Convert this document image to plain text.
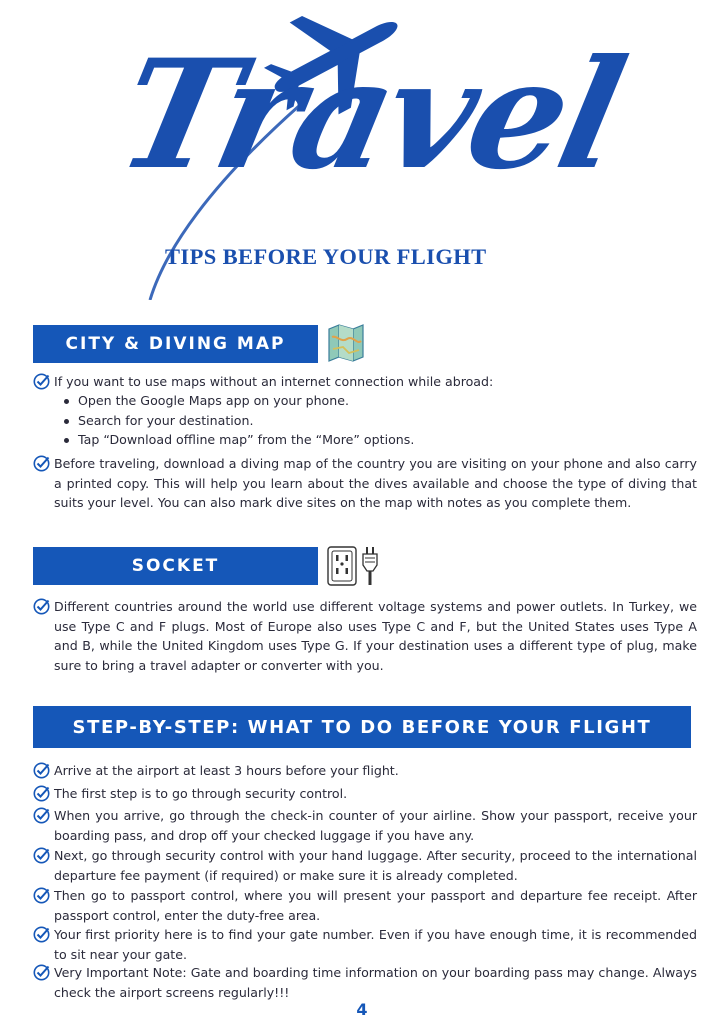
Travel
TIPS BEFORE YOUR FLIGHT
CITY & DIVING MAP
If you want to use maps without an internet connection while abroad:
Open the Google Maps app on your phone.
Search for your destination.
Tap “Download offline map” from the “More” options.
Before traveling, download a diving map of the country you are visiting on your phone and also carry a printed copy. This will help you learn about the dives available and choose the type of diving that suits your level. You can also mark dive sites on the map with notes as you complete them.
SOCKET
Different countries around the world use different voltage systems and power outlets. In Turkey, we use Type C and F plugs. Most of Europe also uses Type C and F, but the United States uses Type A and B, while the United Kingdom uses Type G. If your destination uses a different type of plug, make sure to bring a travel adapter or converter with you.
STEP-BY-STEP: WHAT TO DO BEFORE YOUR FLIGHT
Arrive at the airport at least 3 hours before your flight.
The first step is to go through security control.
When you arrive, go through the check-in counter of your airline. Show your passport, receive your boarding pass, and drop off your checked luggage if you have any.
Next, go through security control with your hand luggage. After security, proceed to the international departure fee payment (if required) or make sure it is already completed.
Then go to passport control, where you will present your passport and departure fee receipt. After passport control, enter the duty-free area.
Your first priority here is to find your gate number. Even if you have enough time, it is recommended to sit near your gate.
Very Important Note: Gate and boarding time information on your boarding pass may change. Always check the airport screens regularly!!!
4
